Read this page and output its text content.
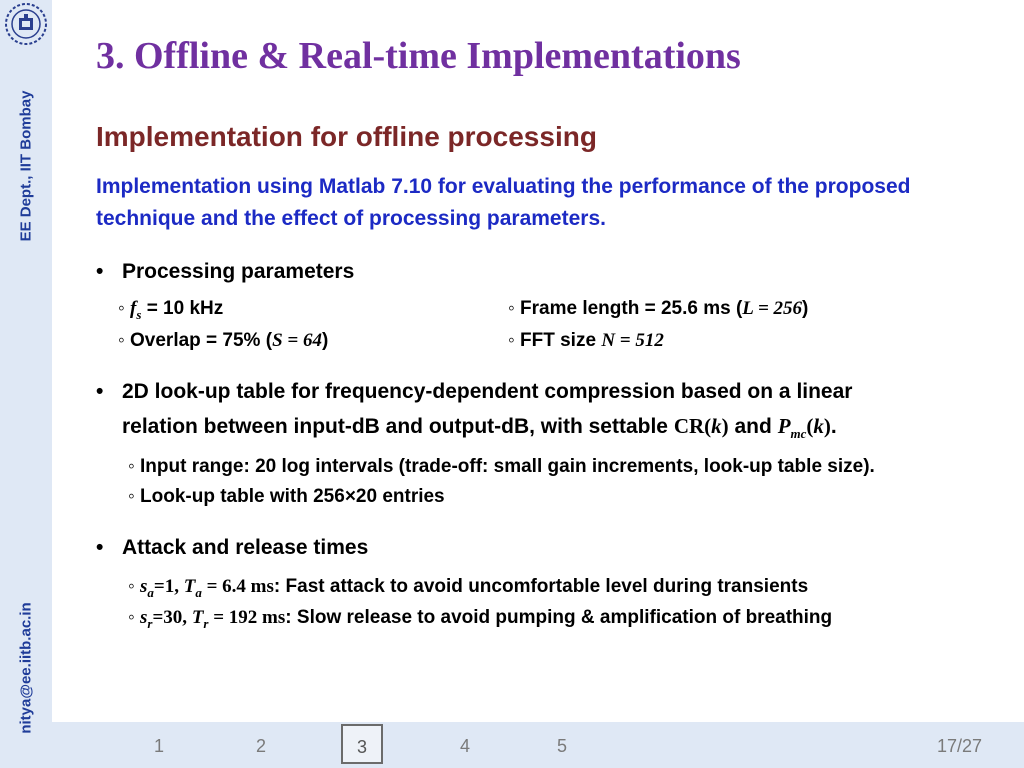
EE Dept., IIT Bombay
nitya@ee.iitb.ac.in
3. Offline & Real-time Implementations
Implementation for offline processing
Implementation using Matlab 7.10 for evaluating the performance of the proposed technique and the effect of processing parameters.
• Processing parameters
◦ $f_s = 10$ kHz	◦ Frame length = 25.6 ms (L = 256)
◦ Overlap = 75% (S = 64)	◦ FFT size N = 512
• 2D look-up table for frequency-dependent compression based on a linear
relation between input-dB and output-dB, with settable CR(k) and $P_{mc}(k)$.
◦ Input range: 20 log intervals (trade-off: small gain increments, look-up table size).
◦ Look-up table with 256×20 entries
• Attack and release times
◦ $s_a=1$, $T_a = 6.4$ ms: Fast attack to avoid uncomfortable level during transients
◦ $s_r=30$, $T_r = 192$ ms: Slow release to avoid pumping & amplification of breathing
1	2	3	4	5	17/27
